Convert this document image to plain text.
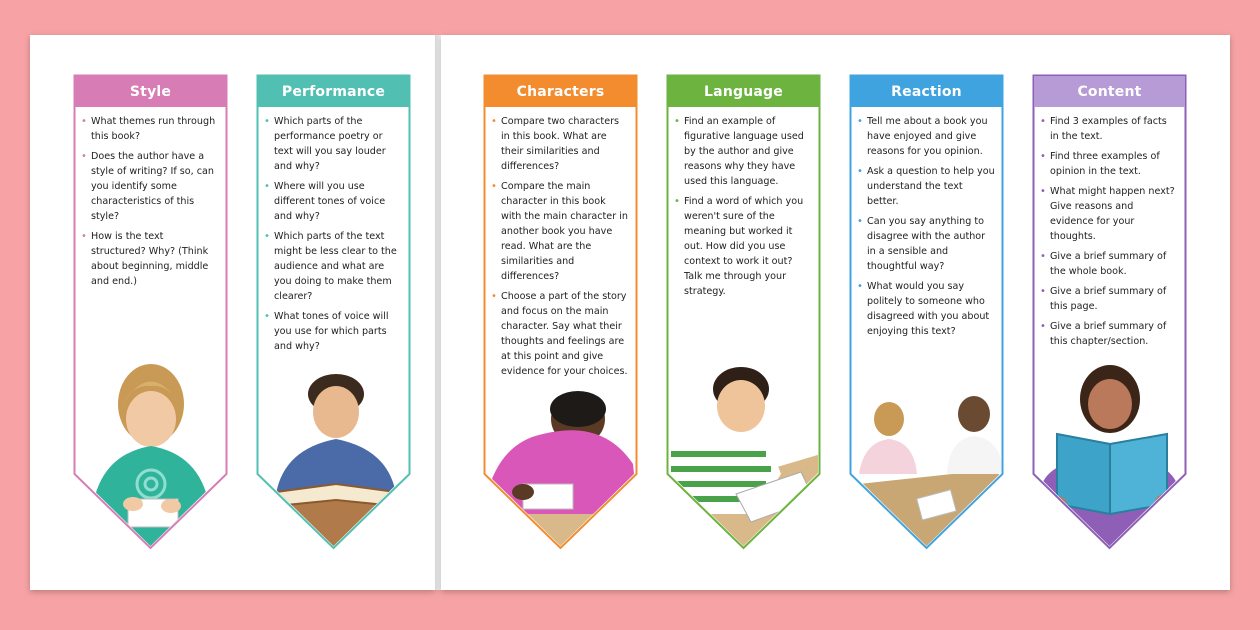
Style
• What themes run through this book?
• Does the author have a style of writing? If so, can you identify some characteristics of this style?
• How is the text structured? Why? (Think about beginning, middle and end.)
Performance
• Which parts of the performance poetry or text will you say louder and why?
• Where will you use different tones of voice and why?
• Which parts of the text might be less clear to the audience and what are you doing to make them clearer?
• What tones of voice will you use for which parts and why?
Characters
• Compare two characters in this book. What are their similarities and differences?
• Compare the main character in this book with the main character in another book you have read. What are the similarities and differences?
• Choose a part of the story and focus on the main character. Say what their thoughts and feelings are at this point and give evidence for your choices.
Language
• Find an example of figurative language used by the author and give reasons why they have used this language.
• Find a word of which you weren't sure of the meaning but worked it out. How did you use context to work it out? Talk me through your strategy.
Reaction
• Tell me about a book you have enjoyed and give reasons for you opinion.
• Ask a question to help you understand the text better.
• Can you say anything to disagree with the author in a sensible and thoughtful way?
• What would you say politely to someone who disagreed with you about enjoying this text?
Content
• Find 3 examples of facts in the text.
• Find three examples of opinion in the text.
• What might happen next? Give reasons and evidence for your thoughts.
• Give a brief summary of the whole book.
• Give a brief summary of this page.
• Give a brief summary of this chapter/section.
